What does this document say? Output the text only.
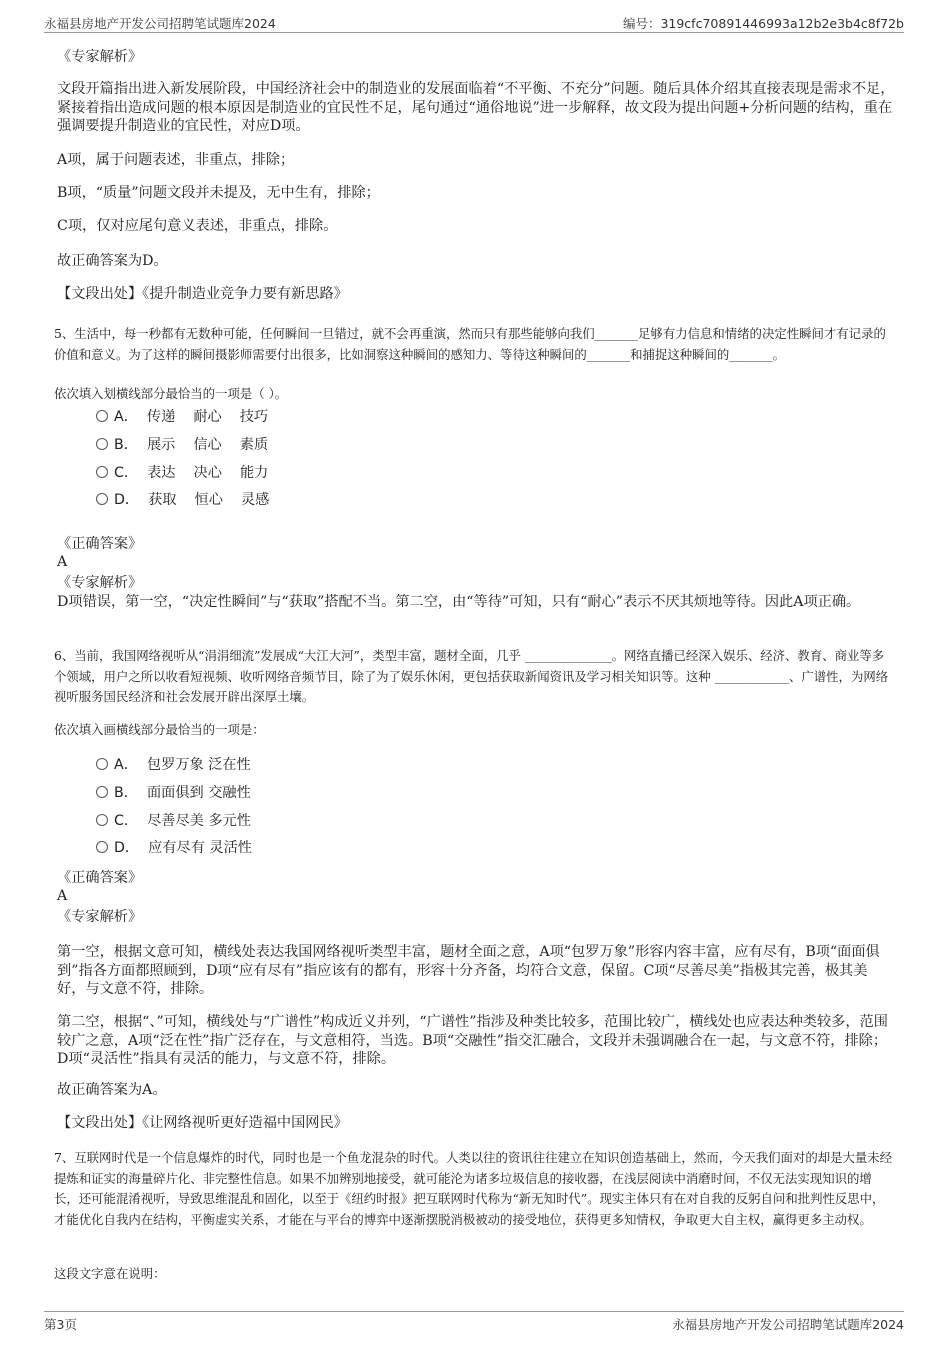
永福县房地产开发公司招聘笔试题库2024	编号：319cfc70891446993a12b2e3b4c8f72b

《专家解析》

文段开篇指出进入新发展阶段，中国经济社会中的制造业的发展面临着“不平衡、不充分”问题。随后具体介绍其直接表现是需求不足，紧接着指出造成问题的根本原因是制造业的宜民性不足，尾句通过“通俗地说”进一步解释，故文段为提出问题+分析问题的结构，重在强调要提升制造业的宜民性，对应D项。

A项，属于问题表述，非重点，排除；

B项，“质量”问题文段并未提及，无中生有，排除；

C项，仅对应尾句意义表述，非重点，排除。

故正确答案为D。

【文段出处】《提升制造业竞争力要有新思路》

5、生活中，每一秒都有无数种可能，任何瞬间一旦错过，就不会再重演，然而只有那些能够向我们_______足够有力信息和情绪的决定性瞬间才有记录的价值和意义。为了这样的瞬间摄影师需要付出很多，比如洞察这种瞬间的感知力、等待这种瞬间的_______和捕捉这种瞬间的_______。

依次填入划横线部分最恰当的一项是（ ）。

A．  传递    耐心    技巧
B．  展示    信心    素质
C．  表达    决心    能力
D．  获取    恒心    灵感

《正确答案》

A

《专家解析》

D项错误，第一空，“决定性瞬间”与“获取”搭配不当。第二空，由“等待”可知，只有“耐心”表示不厌其烦地等待。因此A项正确。

6、当前，我国网络视听从“涓涓细流”发展成“大江大河”，类型丰富，题材全面，几乎 ______________。网络直播已经深入娱乐、经济、教育、商业等多个领域，用户之所以收看短视频、收听网络音频节目，除了为了娱乐休闲，更包括获取新闻资讯及学习相关知识等。这种 ____________、广谱性，为网络视听服务国民经济和社会发展开辟出深厚土壤。

依次填入画横线部分最恰当的一项是：

A．  包罗万象 泛在性
B．  面面俱到 交融性
C．  尽善尽美 多元性
D．  应有尽有 灵活性

《正确答案》

A

《专家解析》

第一空，根据文意可知，横线处表达我国网络视听类型丰富，题材全面之意，A项“包罗万象”形容内容丰富，应有尽有，B项“面面俱到”指各方面都照顾到，D项“应有尽有”指应该有的都有，形容十分齐备，均符合文意，保留。C项“尽善尽美”指极其完善，极其美好，与文意不符，排除。

第二空，根据“、”可知，横线处与“广谱性”构成近义并列，“广谱性”指涉及种类比较多，范围比较广，横线处也应表达种类较多，范围较广之意，A项“泛在性”指广泛存在，与文意相符，当选。B项“交融性”指交汇融合，文段并未强调融合在一起，与文意不符，排除；D项“灵活性”指具有灵活的能力，与文意不符，排除。

故正确答案为A。

【文段出处】《让网络视听更好造福中国网民》

7、互联网时代是一个信息爆炸的时代，同时也是一个鱼龙混杂的时代。人类以往的资讯往往建立在知识创造基础上，然而，今天我们面对的却是大量未经提炼和证实的海量碎片化、非完整性信息。如果不加辨别地接受，就可能沦为诸多垃圾信息的接收器，在浅层阅读中消磨时间，不仅无法实现知识的增长，还可能混淆视听，导致思维混乱和固化，以至于《纽约时报》把互联网时代称为“新无知时代”。现实主体只有在对自我的反躬自问和批判性反思中，才能优化自我内在结构，平衡虚实关系，才能在与平台的博弈中逐渐摆脱消极被动的接受地位，获得更多知情权，争取更大自主权，赢得更多主动权。

这段文字意在说明：

第3页	永福县房地产开发公司招聘笔试题库2024
